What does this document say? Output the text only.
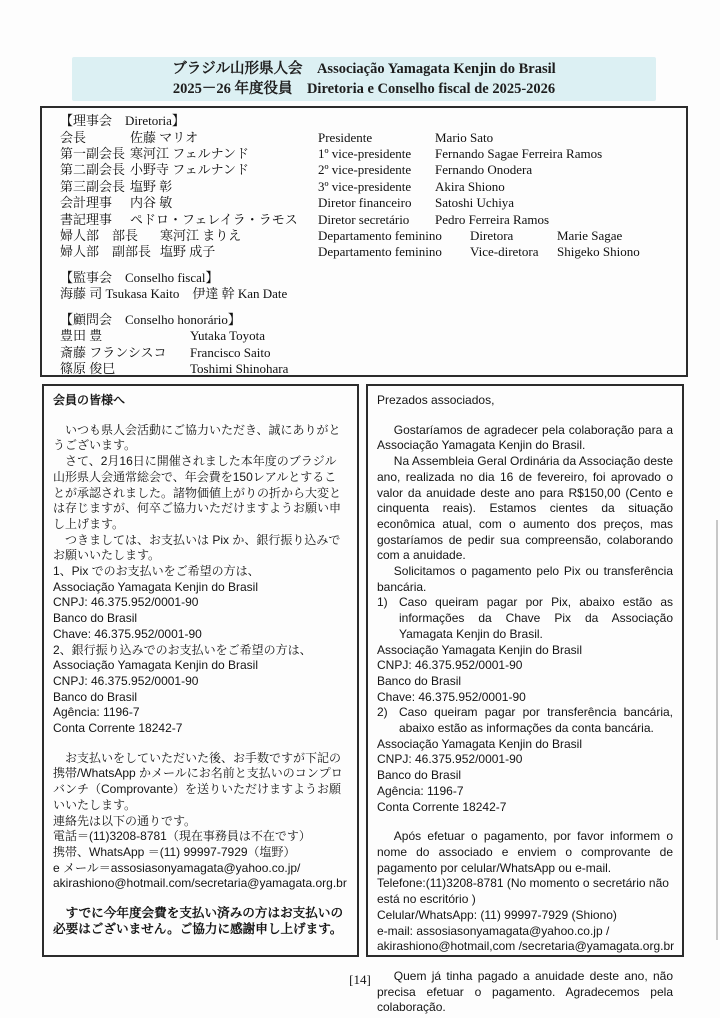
ブラジル山形県人会　Associação Yamagata Kenjin do Brasil
2025－26 年度役員　Diretoria e Conselho fiscal de 2025-2026
【理事会　Diretoria】
会長	佐藤 マリオ	Presidente	Mario Sato
第一副会長 寒河江 フェルナンド	1º vice-presidente	Fernando Sagae Ferreira Ramos
第二副会長 小野寺 フェルナンド	2º vice-presidente	Fernando Onodera
第三副会長 塩野 彰	3º vice-presidente	Akira Shiono
会計理事	内谷 敏	Diretor financeiro	Satoshi Uchiya
書記理事	ペドロ・フェレイラ・ラモス	Diretor secretário	Pedro Ferreira Ramos
婦人部　部長	寒河江 まりえ	Departamento feminino	Diretora	Marie Sagae
婦人部　副部長 塩野 成子	Departamento feminino	Vice-diretora	Shigeko Shiono
【監事会　Conselho fiscal】
海藤 司 Tsukasa Kaito　伊達 幹 Kan Date
【顧問会　Conselho honorário】
豊田 豊	Yutaka Toyota
斎藤 フランシスコ	Francisco Saito
篠原 俊巳	Toshimi Shinohara
会員の皆様へ

いつも県人会活動にご協力いただき、誠にありがとうございます。

さて、2月16日に開催されました本年度のブラジル山形県人会通常総会で、年会費を150レアルとすることが承認されました。諸物価値上がりの折から大変とは存じますが、何卒ご協力いただけますようお願い申し上げます。

つきましては、お支払いは Pix か、銀行振り込みでお願いいたします。

1、Pix でのお支払いをご希望の方は、
Associação Yamagata Kenjin do Brasil
CNPJ: 46.375.952/0001-90
Banco do Brasil
Chave: 46.375.952/0001-90
2、銀行振り込みでのお支払いをご希望の方は、
Associação Yamagata Kenjin do Brasil
CNPJ: 46.375.952/0001-90
Banco do Brasil
Agência: 1196-7
Conta Corrente 18242-7

お支払いをしていただいた後、お手数ですが下記の携帯/WhatsApp かメールにお名前と支払いのコンプロバンチ（Comprovante）を送りいただけますようお願いいたします。

連絡先は以下の通りです。
電話＝(11)3208-8781（現在事務員は不在です）
携帯、WhatsApp ＝(11) 99997-7929（塩野）
e メール＝assosiasonyamagata@yahoo.co.jp/
akirashiono@hotmail.com/secretaria@yamagata.org.br

すでに今年度会費を支払い済みの方はお支払いの必要はございません。ご協力に感謝申し上げます。

Prezados associados,

Gostaríamos de agradecer pela colaboração para a Associação Yamagata Kenjin do Brasil.

Na Assembleia Geral Ordinária da Associação deste ano, realizada no dia 16 de fevereiro, foi aprovado o valor da anuidade deste ano para R$150,00 (Cento e cinquenta reais). Estamos cientes da situação econômica atual, com o aumento dos preços, mas gostaríamos de pedir sua compreensão, colaborando com a anuidade.

Solicitamos o pagamento pelo Pix ou transferência bancária.

1) Caso queiram pagar por Pix, abaixo estão as informações da Chave Pix da Associação Yamagata Kenjin do Brasil.
Associação Yamagata Kenjin do Brasil
CNPJ: 46.375.952/0001-90
Banco do Brasil
Chave: 46.375.952/0001-90
2) Caso queiram pagar por transferência bancária, abaixo estão as informações da conta bancária.
Associação Yamagata Kenjin do Brasil
CNPJ: 46.375.952/0001-90
Banco do Brasil
Agência: 1196-7
Conta Corrente 18242-7

Após efetuar o pagamento, por favor informem o nome do associado e enviem o comprovante de pagamento por celular/WhatsApp ou e-mail.

Telefone:(11)3208-8781 (No momento o secretário não está no escritório )
Celular/WhatsApp: (11) 99997-7929 (Shiono)
e-mail: assosiasonyamagata@yahoo.co.jp /
akirashiono@hotmail,com /secretaria@yamagata.org.br

Quem já tinha pagado a anuidade deste ano, não precisa efetuar o pagamento. Agradecemos pela colaboração.

[14]
